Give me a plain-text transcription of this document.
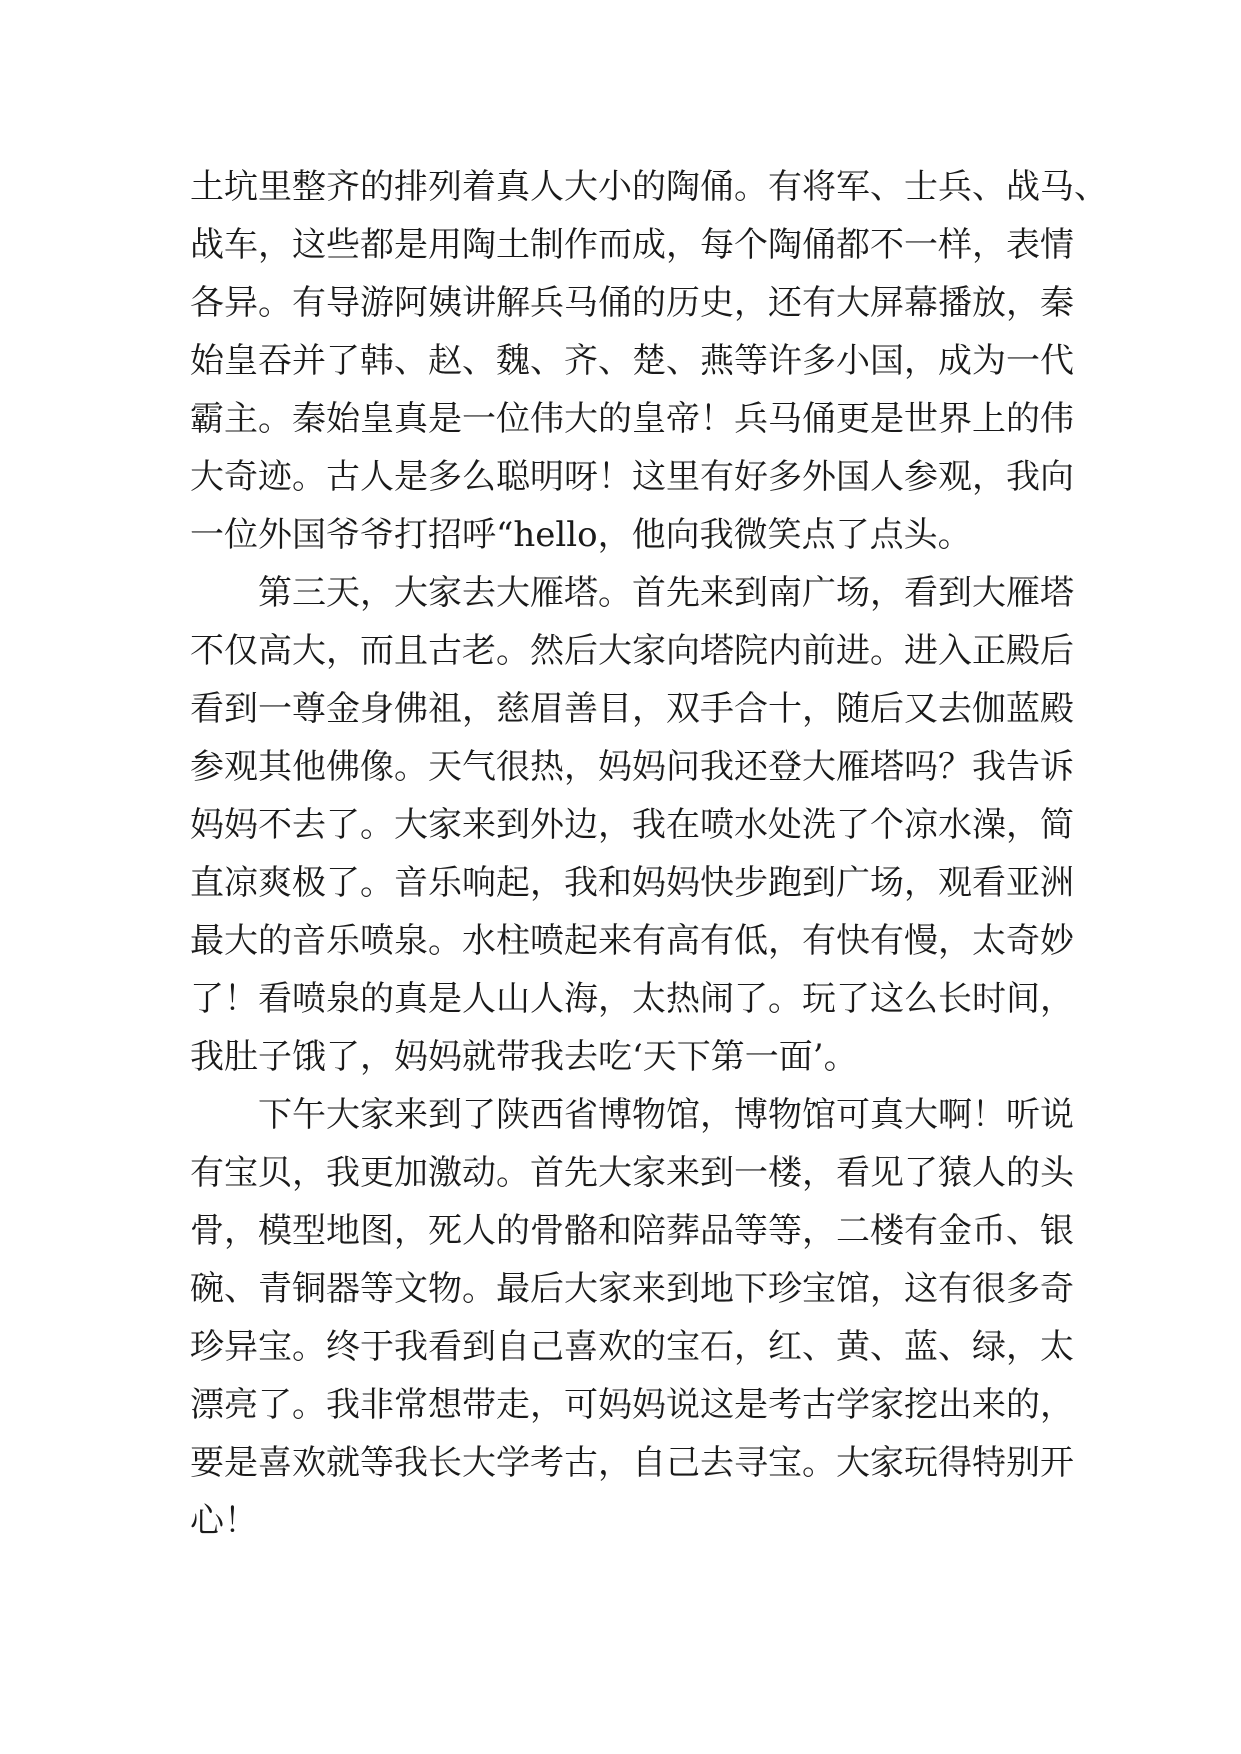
土坑里整齐的排列着真人大小的陶俑。有将军、士兵、战马、
战车，这些都是用陶土制作而成，每个陶俑都不一样，表情
各异。有导游阿姨讲解兵马俑的历史，还有大屏幕播放，秦
始皇吞并了韩、赵、魏、齐、楚、燕等许多小国，成为一代
霸主。秦始皇真是一位伟大的皇帝！兵马俑更是世界上的伟
大奇迹。古人是多么聪明呀！这里有好多外国人参观，我向
一位外国爷爷打招呼“hello，他向我微笑点了点头。
第三天，大家去大雁塔。首先来到南广场，看到大雁塔
不仅高大，而且古老。然后大家向塔院内前进。进入正殿后
看到一尊金身佛祖，慈眉善目，双手合十，随后又去伽蓝殿
参观其他佛像。天气很热，妈妈问我还登大雁塔吗？我告诉
妈妈不去了。大家来到外边，我在喷水处洗了个凉水澡，简
直凉爽极了。音乐响起，我和妈妈快步跑到广场，观看亚洲
最大的音乐喷泉。水柱喷起来有高有低，有快有慢，太奇妙
了！看喷泉的真是人山人海，太热闹了。玩了这么长时间，
我肚子饿了，妈妈就带我去吃‘天下第一面’。
下午大家来到了陕西省博物馆，博物馆可真大啊！听说
有宝贝，我更加激动。首先大家来到一楼，看见了猿人的头
骨，模型地图，死人的骨骼和陪葬品等等，二楼有金币、银
碗、青铜器等文物。最后大家来到地下珍宝馆，这有很多奇
珍异宝。终于我看到自己喜欢的宝石，红、黄、蓝、绿，太
漂亮了。我非常想带走，可妈妈说这是考古学家挖出来的，
要是喜欢就等我长大学考古，自己去寻宝。大家玩得特别开
心！
